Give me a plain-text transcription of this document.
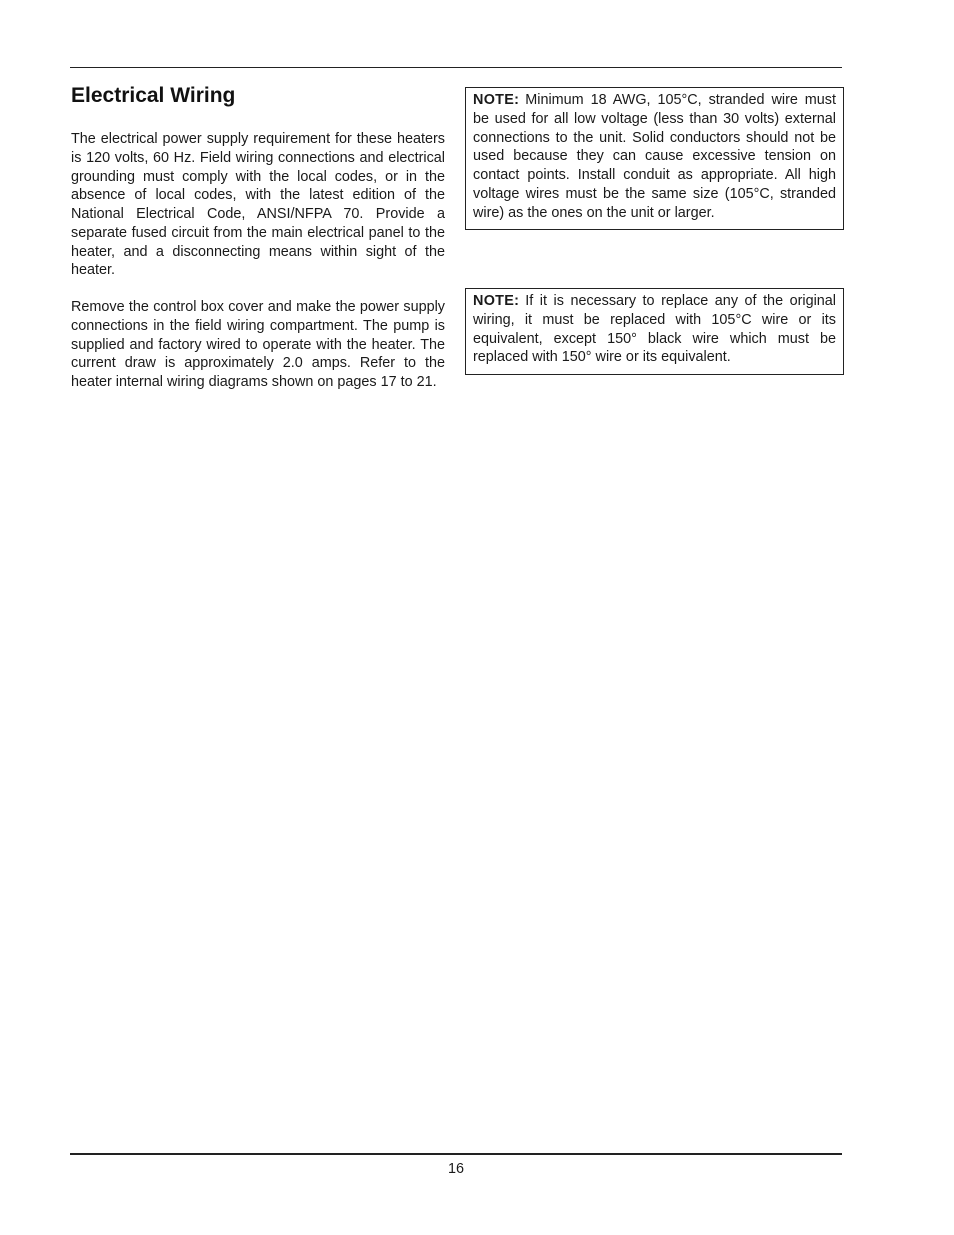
Electrical Wiring

The electrical power supply requirement for these heaters is 120 volts, 60 Hz. Field wiring connections and electrical grounding must comply with the local codes, or in the absence of local codes, with the latest edition of the National Electrical Code, ANSI/NFPA 70. Provide a separate fused circuit from the main electrical panel to the heater, and a disconnecting means within sight of the heater.

Remove the control box cover and make the power supply connections in the field wiring compartment. The pump is supplied and factory wired to operate with the heater. The current draw is approximately 2.0 amps. Refer to the heater internal wiring diagrams shown on pages 17 to 21.

NOTE: Minimum 18 AWG, 105°C, stranded wire must be used for all low voltage (less than 30 volts) external connections to the unit. Solid conductors should not be used because they can cause excessive tension on contact points. Install conduit as appropriate. All high voltage wires must be the same size (105°C, stranded wire) as the ones on the unit or larger.
NOTE: If it is necessary to replace any of the original wiring, it must be replaced with 105°C wire or its equivalent, except 150° black wire which must be replaced with 150° wire or its equivalent.
16
